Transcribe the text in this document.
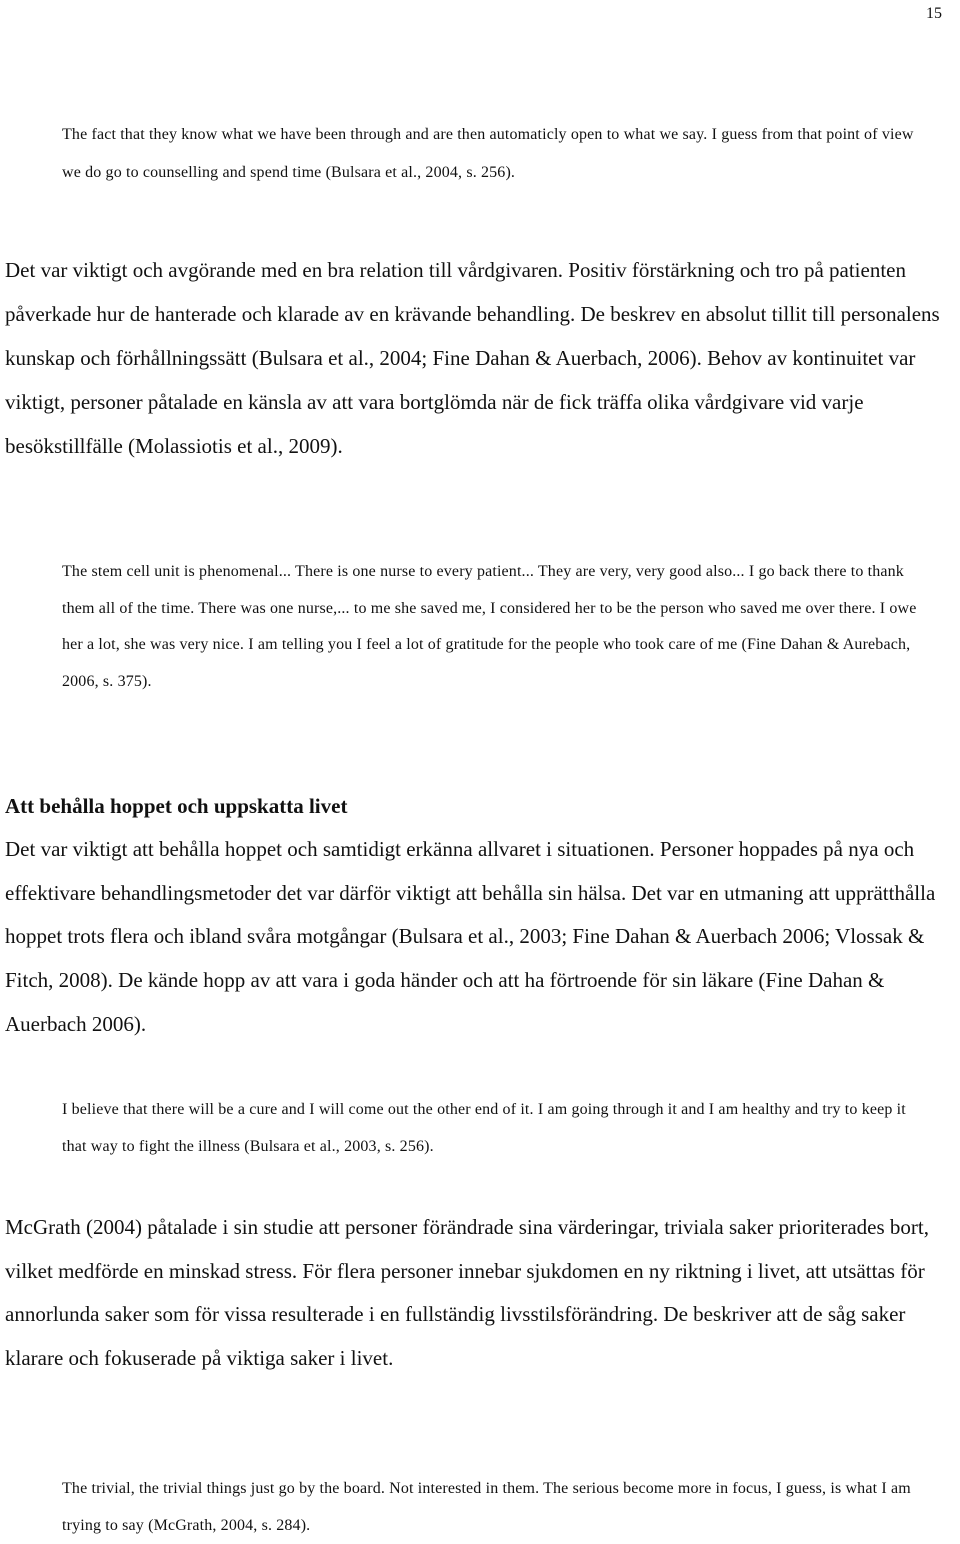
15

The fact that they know what we have been through and are then automaticly open to what we say. I guess from that point of view we do go to counselling and spend time (Bulsara et al., 2004, s. 256).

Det var viktigt och avgörande med en bra relation till vårdgivaren. Positiv förstärkning och tro på patienten påverkade hur de hanterade och klarade av en krävande behandling. De beskrev en absolut tillit till personalens kunskap och förhållningssätt (Bulsara et al., 2004; Fine Dahan & Auerbach, 2006). Behov av kontinuitet var viktigt, personer påtalade en känsla av att vara bortglömda när de fick träffa olika vårdgivare vid varje besökstillfälle (Molassiotis et al., 2009).

The stem cell unit is phenomenal... There is one nurse to every patient... They are very, very good also... I go back there to thank them all of the time. There was one nurse,... to me she saved me, I considered her to be the person who saved me over there. I owe her a lot, she was very nice. I am telling you I feel a lot of gratitude for the people who took care of me (Fine Dahan & Aurebach, 2006, s. 375).

Att behålla hoppet och uppskatta livet

Det var viktigt att behålla hoppet och samtidigt erkänna allvaret i situationen. Personer hoppades på nya och effektivare behandlingsmetoder det var därför viktigt att behålla sin hälsa. Det var en utmaning att upprätthålla hoppet trots flera och ibland svåra motgångar (Bulsara et al., 2003; Fine Dahan & Auerbach 2006; Vlossak & Fitch, 2008). De kände hopp av att vara i goda händer och att ha förtroende för sin läkare (Fine Dahan & Auerbach 2006).

I believe that there will be a cure and I will come out the other end of it. I am going through it and I am healthy and try to keep it that way to fight the illness (Bulsara et al., 2003, s. 256).

McGrath (2004) påtalade i sin studie att personer förändrade sina värderingar, triviala saker prioriterades bort, vilket medförde en minskad stress. För flera personer innebar sjukdomen en ny riktning i livet, att utsättas för annorlunda saker som för vissa resulterade i en fullständig livsstilsförändring. De beskriver att de såg saker klarare och fokuserade på viktiga saker i livet.

The trivial, the trivial things just go by the board. Not interested in them. The serious become more in focus, I guess, is what I am trying to say (McGrath, 2004, s. 284).
